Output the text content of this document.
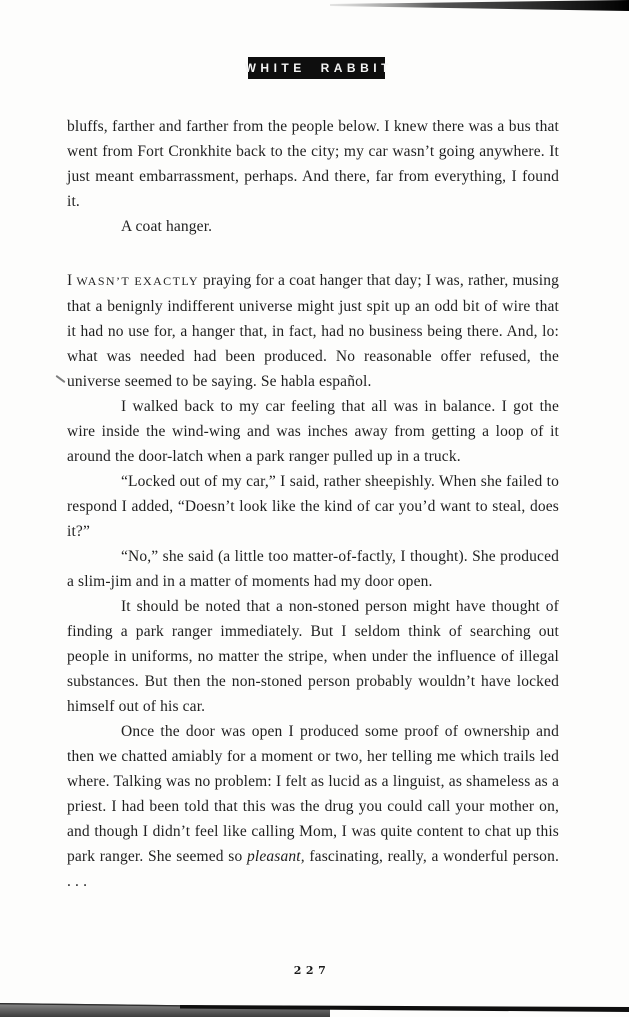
WHITE RABBIT

bluffs, farther and farther from the people below. I knew there was a bus that went from Fort Cronkhite back to the city; my car wasn’t going anywhere. It just meant embarrassment, perhaps. And there, far from everything, I found it.

A coat hanger.

I WASN’T EXACTLY praying for a coat hanger that day; I was, rather, musing that a benignly indifferent universe might just spit up an odd bit of wire that it had no use for, a hanger that, in fact, had no business being there. And, lo: what was needed had been produced. No reasonable offer refused, the universe seemed to be saying. Se habla español.

I walked back to my car feeling that all was in balance. I got the wire inside the wind-wing and was inches away from getting a loop of it around the door-latch when a park ranger pulled up in a truck.

“Locked out of my car,” I said, rather sheepishly. When she failed to respond I added, “Doesn’t look like the kind of car you’d want to steal, does it?”

“No,” she said (a little too matter-of-factly, I thought). She produced a slim-jim and in a matter of moments had my door open.

It should be noted that a non-stoned person might have thought of finding a park ranger immediately. But I seldom think of searching out people in uniforms, no matter the stripe, when under the influence of illegal substances. But then the non-stoned person probably wouldn’t have locked himself out of his car.

Once the door was open I produced some proof of ownership and then we chatted amiably for a moment or two, her telling me which trails led where. Talking was no problem: I felt as lucid as a linguist, as shameless as a priest. I had been told that this was the drug you could call your mother on, and though I didn’t feel like calling Mom, I was quite content to chat up this park ranger. She seemed so pleasant, fascinating, really, a wonderful person. . . .

227
